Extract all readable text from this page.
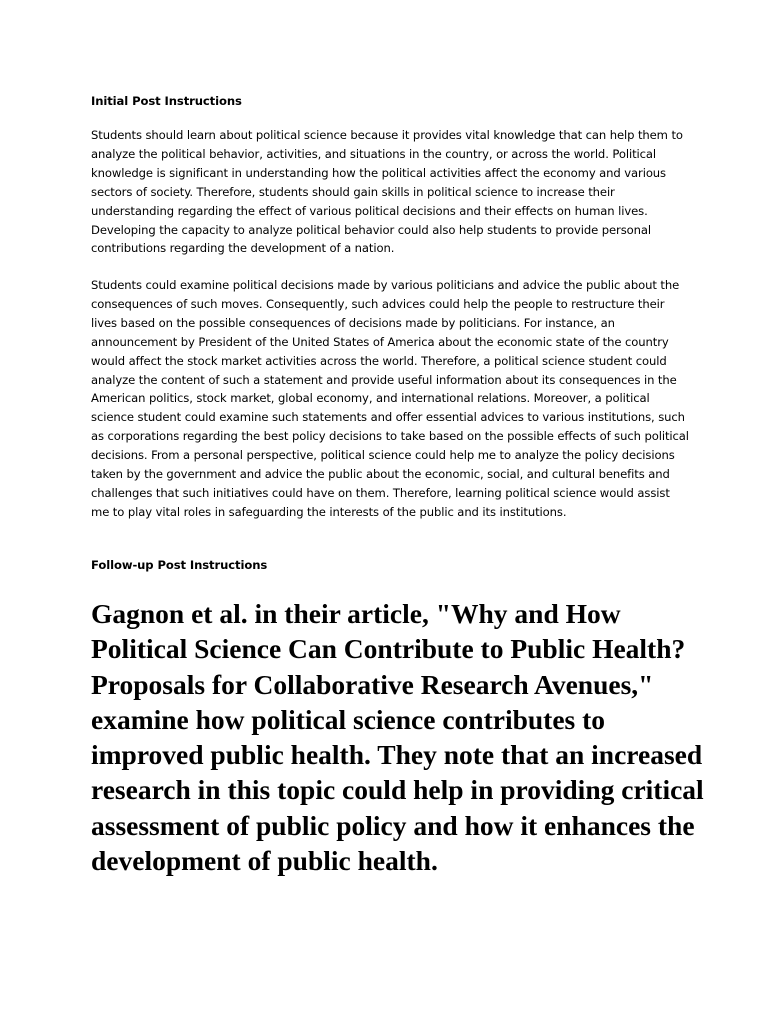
Initial Post Instructions

Students should learn about political science because it provides vital knowledge that can help them to analyze the political behavior, activities, and situations in the country, or across the world. Political knowledge is significant in understanding how the political activities affect the economy and various sectors of society. Therefore, students should gain skills in political science to increase their understanding regarding the effect of various political decisions and their effects on human lives. Developing the capacity to analyze political behavior could also help students to provide personal contributions regarding the development of a nation.

Students could examine political decisions made by various politicians and advice the public about the consequences of such moves. Consequently, such advices could help the people to restructure their lives based on the possible consequences of decisions made by politicians. For instance, an announcement by President of the United States of America about the economic state of the country would affect the stock market activities across the world. Therefore, a political science student could analyze the content of such a statement and provide useful information about its consequences in the American politics, stock market, global economy, and international relations. Moreover, a political science student could examine such statements and offer essential advices to various institutions, such as corporations regarding the best policy decisions to take based on the possible effects of such political decisions. From a personal perspective, political science could help me to analyze the policy decisions taken by the government and advice the public about the economic, social, and cultural benefits and challenges that such initiatives could have on them. Therefore, learning political science would assist me to play vital roles in safeguarding the interests of the public and its institutions.

Follow-up Post Instructions

Gagnon et al. in their article, "Why and How Political Science Can Contribute to Public Health? Proposals for Collaborative Research Avenues," examine how political science contributes to improved public health. They note that an increased research in this topic could help in providing critical assessment of public policy and how it enhances the development of public health.
